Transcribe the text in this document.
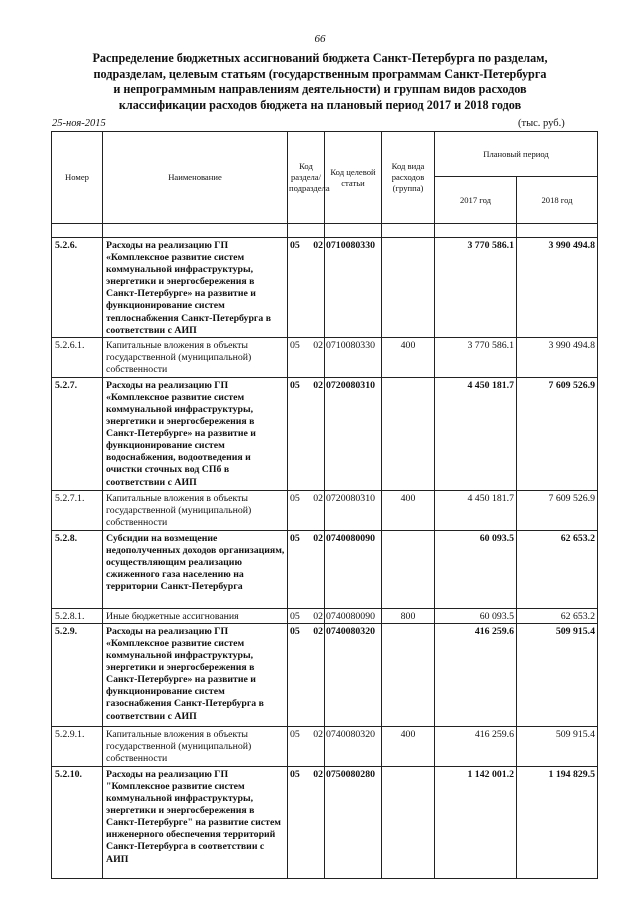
66
Распределение бюджетных ассигнований бюджета Санкт-Петербурга по разделам,
подразделам, целевым статьям (государственным программам Санкт-Петербурга
и непрограммным направлениям деятельности) и группам видов расходов
классификации расходов бюджета на плановый период 2017 и 2018 годов
25-ноя-2015	(тыс. руб.)
Номер	Наименование	Код раздела/ подраздела		Код целевой статьи	Код вида расходов (группа)	Плановый период	
						2017 год	2018 год

5.2.6.	Расходы на реализацию ГП «Комплексное развитие систем коммунальной инфраструктуры, энергетики и энергосбережения в Санкт-Петербурге» на развитие и функционирование систем теплоснабжения Санкт-Петербурга в соответствии с АИП	05	02	0710080330		3 770 586.1	3 990 494.8
5.2.6.1.	Капитальные вложения в объекты государственной (муниципальной) собственности	05	02	0710080330	400	3 770 586.1	3 990 494.8
5.2.7.	Расходы на реализацию ГП «Комплексное развитие систем коммунальной инфраструктуры, энергетики и энергосбережения в Санкт-Петербурге» на развитие и функционирование систем водоснабжения, водоотведения и очистки сточных вод СПб в соответствии с АИП	05	02	0720080310		4 450 181.7	7 609 526.9
5.2.7.1.	Капитальные вложения в объекты государственной (муниципальной) собственности	05	02	0720080310	400	4 450 181.7	7 609 526.9
5.2.8.	Субсидии на возмещение недополученных доходов организациям, осуществляющим реализацию сжиженного газа населению на территории Санкт-Петербурга	05	02	0740080090		60 093.5	62 653.2
5.2.8.1.	Иные бюджетные ассигнования	05	02	0740080090	800	60 093.5	62 653.2
5.2.9.	Расходы на реализацию ГП «Комплексное развитие систем коммунальной инфраструктуры, энергетики и энергосбережения в Санкт-Петербурге» на развитие и функционирование систем газоснабжения Санкт-Петербурга в соответствии с АИП	05	02	0740080320		416 259.6	509 915.4
5.2.9.1.	Капитальные вложения в объекты государственной (муниципальной) собственности	05	02	0740080320	400	416 259.6	509 915.4
5.2.10.	Расходы на реализацию ГП "Комплексное развитие систем коммунальной инфраструктуры, энергетики и энергосбережения в Санкт-Петербурге" на развитие систем инженерного обеспечения территорий Санкт-Петербурга в соответствии с АИП	05	02	0750080280		1 142 001.2	1 194 829.5
